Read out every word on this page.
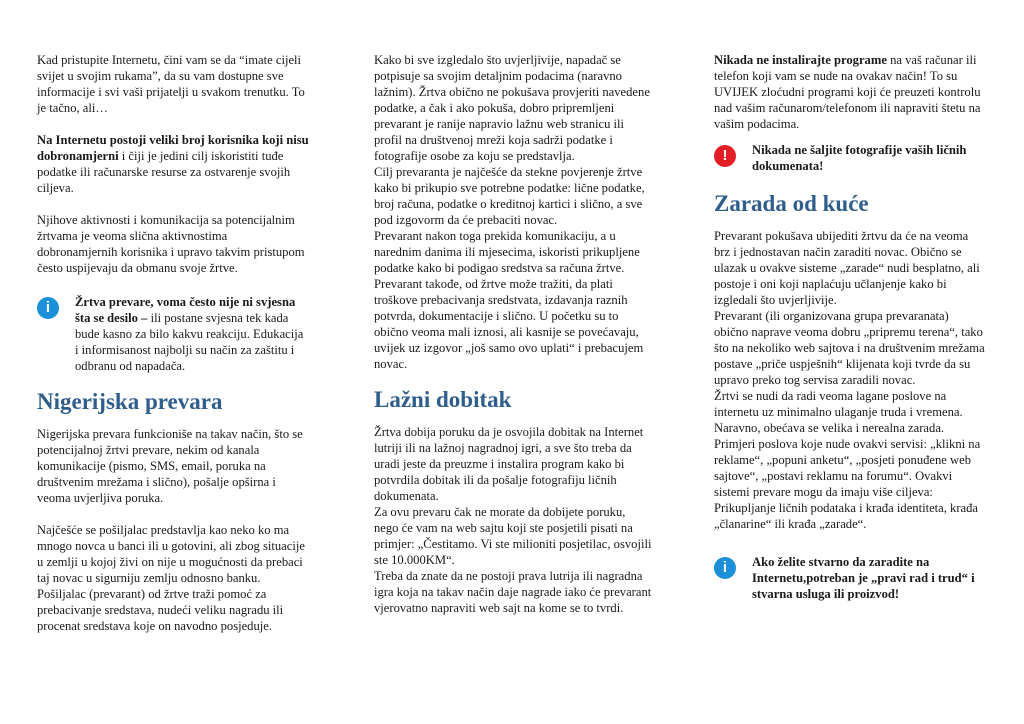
Kad pristupite Internetu, čini vam se da “imate cijeli svijet u svojim rukama”, da su vam dostupne sve informacije i svi vaši prijatelji u svakom trenutku. To je tačno, ali…

Na Internetu postoji veliki broj korisnika koji nisu dobronamjerni i čiji je jedini cilj iskoristiti tuđe podatke ili računarske resurse za ostvarenje svojih ciljeva.

Njihove aktivnosti i komunikacija sa potencijalnim žrtvama je veoma slična aktivnostima dobronamjernih korisnika i upravo takvim pristupom često uspijevaju da obmanu svoje žrtve.

i	Žrtva prevare, voma često nije ni svjesna šta se desilo – ili postane svjesna tek kada bude kasno za bilo kakvu reakciju. Edukacija i informisanost najbolji su način za zaštitu i odbranu od napadača.

Nigerijska prevara

Nigerijska prevara funkcioniše na takav način, što se potencijalnoj žrtvi prevare, nekim od kanala komunikacije (pismo, SMS, email, poruka na društvenim mrežama i slično), pošalje opširna i veoma uvjerljiva poruka.

Najčešće se pošiljalac predstavlja kao neko ko ma mnogo novca u banci ili u gotovini, ali zbog situacije u zemlji u kojoj živi on nije u mogućnosti da prebaci taj novac u sigurniju zemlju odnosno banku. Pošiljalac (prevarant) od žrtve traži pomoć za prebacivanje sredstava, nudeći veliku nagradu ili procenat sredstava koje on navodno posjeduje.

Kako bi sve izgledalo što uvjerljivije, napadač se potpisuje sa svojim detaljnim podacima (naravno lažnim). Žrtva obično ne pokušava provjeriti navedene podatke, a čak i ako pokuša, dobro pripremljeni prevarant je ranije napravio lažnu web stranicu ili profil na društvenoj mreži koja sadrži podatke i fotografije osobe za koju se predstavlja.

Cilj prevaranta je najčešće da stekne povjerenje žrtve kako bi prikupio sve potrebne podatke: lične podatke, broj računa, podatke o kreditnoj kartici i slično, a sve pod izgovorm da će prebaciti novac.

Prevarant nakon toga prekida komunikaciju, a u narednim danima ili mjesecima, iskoristi prikupljene podatke kako bi podigao sredstva sa računa žrtve.

Prevarant takođe, od žrtve može tražiti, da plati troškove prebacivanja sredstvata, izdavanja raznih potvrda, dokumentacije i slično. U početku su to obično veoma mali iznosi, ali kasnije se povećavaju, uvijek uz izgovor „još samo ovo uplati“ i prebacujem novac.

Lažni dobitak

Žrtva dobija poruku da je osvojila dobitak na Internet lutriji ili na lažnoj nagradnoj igri, a sve što treba da uradi jeste da preuzme i instalira program kako bi potvrdila dobitak ili da pošalje fotografiju ličnih dokumenata.

Za ovu prevaru čak ne morate da dobijete poruku, nego će vam na web sajtu koji ste posjetili pisati na primjer: „Čestitamo. Vi ste milioniti posjetilac, osvojili ste 10.000KM“.

Treba da znate da ne postoji prava lutrija ili nagradna igra koja na takav način daje nagrade iako će prevarant vjerovatno napraviti web sajt na kome se to tvrdi.

Nikada ne instalirajte programe na vaš računar ili telefon koji vam se nude na ovakav način! To su UVIJEK zlоćudni programi koji će preuzeti kontrolu nad vašim računarom/telefonom ili napraviti štetu na vašim podacima.

!	Nikada ne šaljite fotografije vaših ličnih dokumenata!

Zarada od kuće

Prevarant pokušava ubijediti žrtvu da će na veoma brz i jednostavan način zaraditi novac. Obično se ulazak u ovakve sisteme „zarade“ nudi besplatno, ali postoje i oni koji naplaćuju učlanjenje kako bi izgledali što uvjerljivije.

Prevarant (ili organizovana grupa prevaranata) obično naprave veoma dobru „pripremu terena“, tako što na nekoliko web sajtova i na društvenim mrežama postave „priče uspješnih“ klijenata koji tvrde da su upravo preko tog servisa zaradili novac.

Žrtvi se nudi da radi veoma lagane poslove na internetu uz minimalno ulaganje truda i vremena. Naravno, obećava se velika i nerealna zarada. Primjeri poslova koje nude ovakvi servisi: „klikni na reklame“, „popuni anketu“, „posjeti ponuđene web sajtove“, „postavi reklamu na forumu“. Ovakvi sistemi prevare mogu da imaju više ciljeva: Prikupljanje ličnih podataka i krađa identiteta, krađa „članarine“ ili krađa „zarade“.

i	Ako želite stvarno da zaradite na Internetu,potreban je „pravi rad i trud“ i stvarna usluga ili proizvod!
